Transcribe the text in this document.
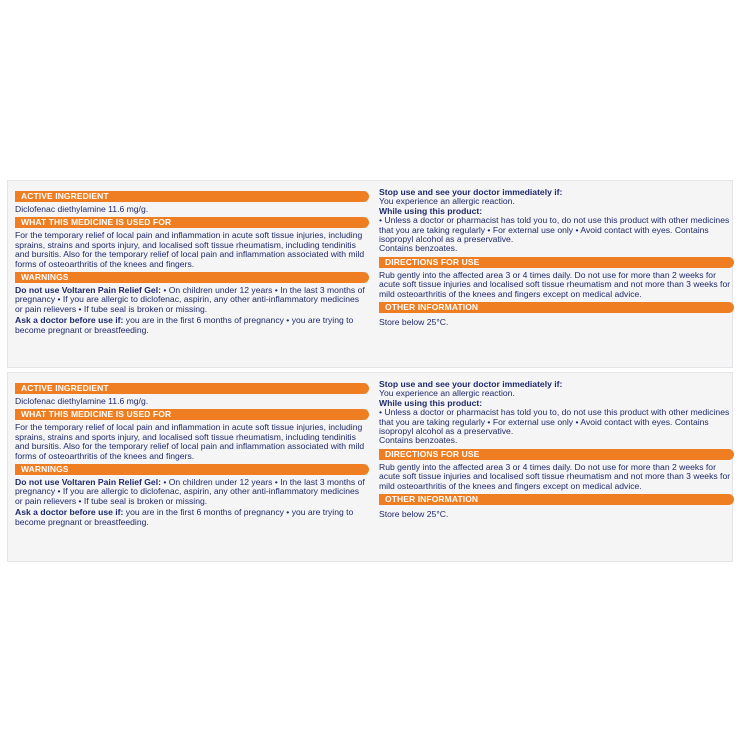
ACTIVE INGREDIENT
Diclofenac diethylamine 11.6 mg/g.
WHAT THIS MEDICINE IS USED FOR
For the temporary relief of local pain and inflammation in acute soft tissue injuries, including sprains, strains and sports injury, and localised soft tissue rheumatism, including tendinitis and bursitis. Also for the temporary relief of local pain and inflammation associated with mild forms of osteoarthritis of the knees and fingers.
WARNINGS
Do not use Voltaren Pain Relief Gel: • On children under 12 years • In the last 3 months of pregnancy • If you are allergic to diclofenac, aspirin, any other anti-inflammatory medicines or pain relievers • If tube seal is broken or missing.
Ask a doctor before use if: you are in the first 6 months of pregnancy • you are trying to become pregnant or breastfeeding.
Stop use and see your doctor immediately if:
You experience an allergic reaction.
While using this product:
• Unless a doctor or pharmacist has told you to, do not use this product with other medicines that you are taking regularly • For external use only • Avoid contact with eyes. Contains isopropyl alcohol as a preservative.
Contains benzoates.
DIRECTIONS FOR USE
Rub gently into the affected area 3 or 4 times daily. Do not use for more than 2 weeks for acute soft tissue injuries and localised soft tissue rheumatism and not more than 3 weeks for mild osteoarthritis of the knees and fingers except on medical advice.
OTHER INFORMATION
Store below 25°C.
ACTIVE INGREDIENT
Diclofenac diethylamine 11.6 mg/g.
WHAT THIS MEDICINE IS USED FOR
For the temporary relief of local pain and inflammation in acute soft tissue injuries, including sprains, strains and sports injury, and localised soft tissue rheumatism, including tendinitis and bursitis. Also for the temporary relief of local pain and inflammation associated with mild forms of osteoarthritis of the knees and fingers.
WARNINGS
Do not use Voltaren Pain Relief Gel: • On children under 12 years • In the last 3 months of pregnancy • If you are allergic to diclofenac, aspirin, any other anti-inflammatory medicines or pain relievers • If tube seal is broken or missing.
Ask a doctor before use if: you are in the first 6 months of pregnancy • you are trying to become pregnant or breastfeeding.
Stop use and see your doctor immediately if:
You experience an allergic reaction.
While using this product:
• Unless a doctor or pharmacist has told you to, do not use this product with other medicines that you are taking regularly • For external use only • Avoid contact with eyes. Contains isopropyl alcohol as a preservative.
Contains benzoates.
DIRECTIONS FOR USE
Rub gently into the affected area 3 or 4 times daily. Do not use for more than 2 weeks for acute soft tissue injuries and localised soft tissue rheumatism and not more than 3 weeks for mild osteoarthritis of the knees and fingers except on medical advice.
OTHER INFORMATION
Store below 25°C.
